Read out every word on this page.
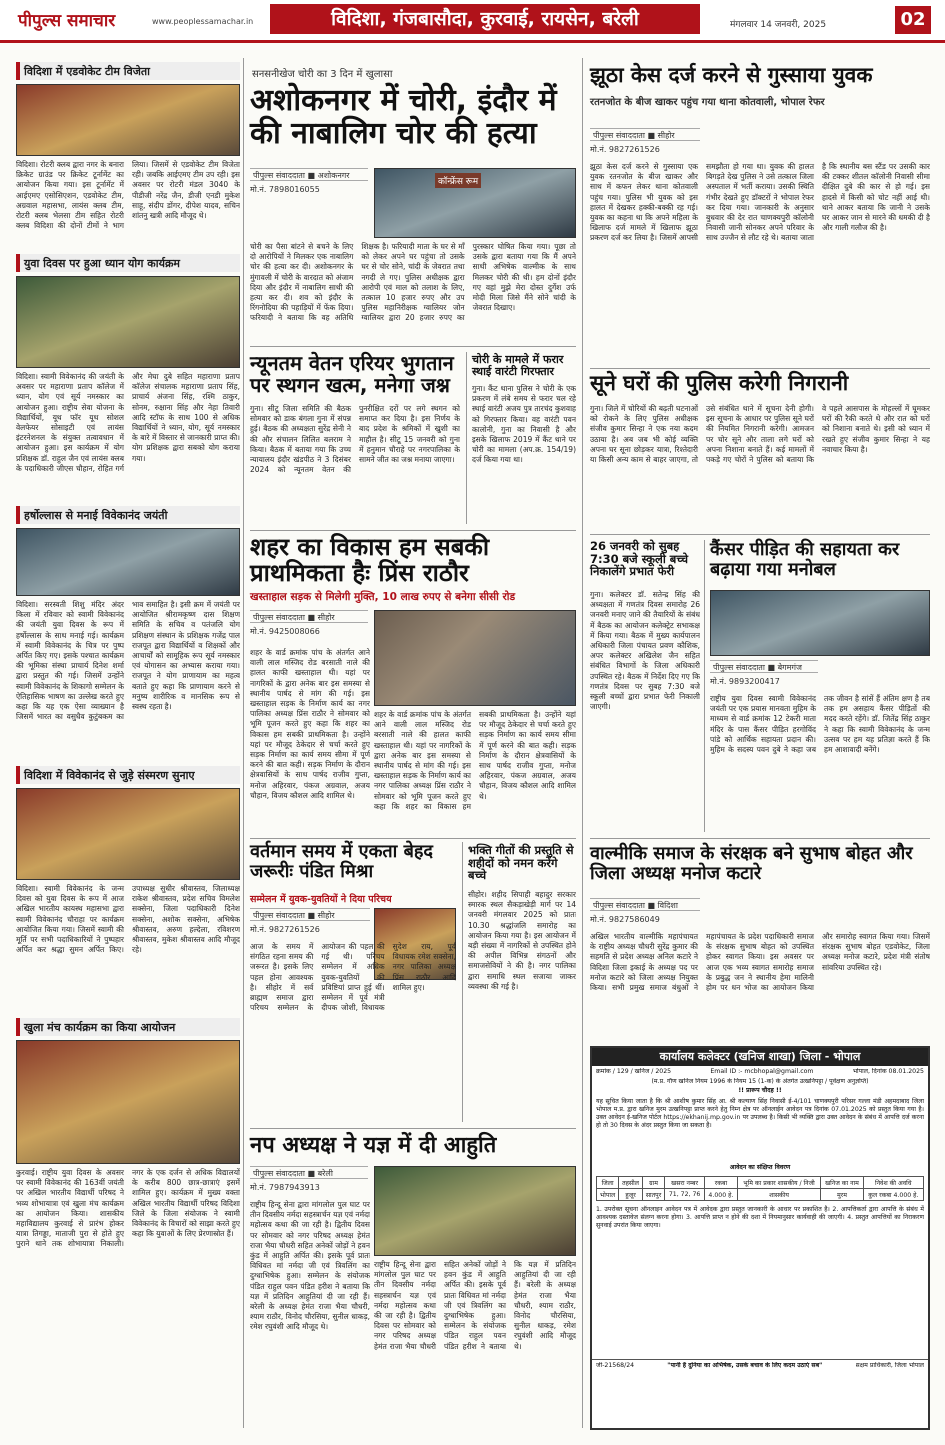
पीपुल्स समाचार	www.peoplessamachar.in	विदिशा, गंजबासौदा, कुरवाई, रायसेन, बरेली	मंगलवार 14 जनवरी, 2025	02
विदिशा में एडवोकेट टीम विजेता
विदिशा। रोटरी क्लब द्वारा नगर के बनारा क्रिकेट ग्राउंड पर क्रिकेट टूर्नामेंट का आयोजन किया गया। इस टूर्नामेंट में आईएमए एसोसिएशन, एडवोकेट टीम, अग्रवाल महासभा, लायंस क्लब टीम, रोटरी क्लब भेलसा टीम सहित रोटरी क्लब विदिशा की दोनों टीमों ने भाग लिया। जिसमें से एडवोकेट टीम विजेता रही। जबकि आईएमए टीम उप रही। इस अवसर पर रोटरी मंडल 3040 के पीडीजी नरेंद्र जैन, डीजी एनडी मुकेश साहू, संदीप डोंगर, दीपेश यादव, सचिन शांतनु खत्री आदि मौजूद थे।
युवा दिवस पर हुआ ध्यान योग कार्यक्रम
विदिशा। स्वामी विवेकानंद की जयंती के अवसर पर महाराणा प्रताप कॉलेज में ध्यान, योग एवं सूर्य नमस्कार का आयोजन हुआ। राष्ट्रीय सेवा योजना के विद्यार्थियों, यूथ फॉर यूथ सोशल वेलफेयर सोसाइटी एवं लायंस इंटरनेशनल के संयुक्त तत्वावधान में आयोजन हुआ। इस कार्यक्रम में योग प्रशिक्षक डॉ. राहुल जैन एवं लायंस क्लब के पदाधिकारी जीएस चौहान, रोहित गर्ग और मेघा दुबे सहित महाराणा प्रताप कॉलेज संचालक महाराणा प्रताप सिंह, प्राचार्य अंजना सिंह, रश्मि ठाकुर, सोनम, रुक्षाना सिंह और नेहा तिवारी आदि स्टॉफ के साथ 100 से अधिक विद्यार्थियों ने ध्यान, योग, सूर्य नमस्कार के बारे में विस्तार से जानकारी प्राप्त की। योग प्रशिक्षक द्वारा सबको योग कराया गया।
हर्षोल्लास से मनाई विवेकानंद जयंती
विदिशा। सरस्वती शिशु मंदिर अंदर किला में रविवार को स्वामी विवेकानंद की जयंती युवा दिवस के रूप में हर्षोल्लास के साथ मनाई गई। कार्यक्रम में स्वामी विवेकानंद के चित्र पर पुष्प अर्पित किए गए। इसके पश्चात कार्यक्रम की भूमिका संस्था प्राचार्य दिनेश शर्मा द्वारा प्रस्तुत की गई। जिसमें उन्होंने स्वामी विवेकानंद के शिकागो सम्मेलन के ऐतिहासिक भाषण का उल्लेख करते हुए कहा कि यह एक ऐसा व्याख्यान है जिसमें भारत का वसुधैव कुटुंबकम का भाव समाहित है। इसी क्रम में जयंती पर आयोजित श्रीरामकृष्ण दास शिक्षण समिति के सचिव व पतंजलि योग प्रशिक्षण संस्थान के प्रशिक्षक गजेंद्र पाल राजपूत द्वारा विद्यार्थियों व शिक्षकों और आचार्यों को सामूहिक रूप सूर्य नमस्कार एवं योगासन का अभ्यास कराया गया। राजपूत ने योग प्राणायाम का महत्व बताते हुए कहा कि प्राणायाम करने से मनुष्य शारीरिक व मानसिक रूप से स्वस्थ रहता है।
विदिशा में विवेकानंद से जुड़े संस्मरण सुनाए
विदिशा। स्वामी विवेकानंद के जन्म दिवस को युवा दिवस के रूप में आज अखिल भारतीय कायस्थ महासभा द्वारा स्वामी विवेकानंद चौराहा पर कार्यक्रम आयोजित किया गया। जिसमें स्वामी की मूर्ति पर सभी पदाधिकारियों ने पुष्पहार अर्पित कर श्रद्धा सुमन अर्पित किए। उपाध्यक्ष सुधीर श्रीवास्तव, जिलाध्यक्ष राकेश श्रीवास्तव, प्रदेश सचिव विमलेश सक्सेना, जिला पदाधिकारी दिनेश सक्सेना, अशोक सक्सेना, अभिषेक श्रीवास्तव, अरुण हल्देला, रविशरण श्रीवास्तव, मुकेश श्रीवास्तव आदि मौजूद रहे।
खुला मंच कार्यक्रम का किया आयोजन
कुरवाई। राष्ट्रीय युवा दिवस के अवसर पर स्वामी विवेकानंद की 163वीं जयंती पर अखिल भारतीय विद्यार्थी परिषद ने भव्य शोभायात्रा एवं खुला मंच कार्यक्रम का आयोजन किया। शासकीय महाविद्यालय कुरवाई से प्रारंभ होकर यात्रा तिगड्डा, माताजी पुरा से होते हुए पुराने थाने तक शोभायात्रा निकाली। नगर के एक दर्जन से अधिक विद्यालयों के करीब 800 छात्र-छात्राएं इसमें शामिल हुए। कार्यक्रम में मुख्य वक्ता अखिल भारतीय विद्यार्थी परिषद विदिशा जिले के जिला संयोजक ने स्वामी विवेकानंद के विचारों को साझा करते हुए कहा कि युवाओं के लिए प्रेरणास्रोत हैं।
सनसनीखेज चोरी का 3 दिन में खुलासा
अशोकनगर में चोरी, इंदौर में की नाबालिग चोर की हत्या
पीपुल्स संवाददाता ■ अशोकनगर
कॉन्फ्रेंस रूम
मो.नं. 7898016055
चोरी का पैसा बांटने से बचने के लिए दो आरोपियों ने मिलकर एक नाबालिग चोर की हत्या कर दी। अशोकनगर के मुंगावली में चोरी के वारदात को अंजाम दिया और इंदौर में नाबालिग साथी की हत्या कर दी। शव को इंदौर के रिंगनोदिया की पहाड़ियों में फेंक दिया। फरियादी ने बताया कि वह अतिथि शिक्षक है। फरियादी माता के घर से माँ को लेकर अपने घर पहुंचा तो उसके घर से चोर सोने, चांदी के जेवरात तथा नगदी ले गए। पुलिस अधीक्षक द्वारा आरोपी एवं माल को तलाश के लिए, तत्काल 10 हजार रुपए और उप पुलिस महानिरीक्षक ग्वालियर जोन ग्वालियर द्वारा 20 हजार रुपए का पुरस्कार घोषित किया गया। पूछा तो उसके द्वारा बताया गया कि मैं अपने साथी अभिषेक वाल्मीक के साथ मिलकर चोरी की थी। हम दोनों इंदौर गए वहां मुझे मेरा दोस्त दुर्गेश उर्फ मोदी मिला जिसे मैंने सोने चांदी के जेवरात दिखाए।
न्यूनतम वेतन एरियर भुगतान पर स्थगन खत्म, मनेगा जश्न
गुना। सीटू जिला समिति की बैठक सोमवार को डाक बंगला गुना में संपन्न हुई। बैठक की अध्यक्षता सुरेंद्र सेनी ने की और संचालन लिलित बलराम ने किया। बैठक में बताया गया कि उच्च न्यायालय इंदौर खंडपीठ ने 3 दिसंबर 2024 को न्यूनतम वेतन की पुनरीक्षित दरों पर लगे स्थगन को समाप्त कर दिया है। इस निर्णय के बाद प्रदेश के श्रमिकों में खुशी का माहौल है। सीटू 15 जनवरी को गुना में हनुमान चौराहे पर नगरपालिका के सामने जीत का जश्न मनाया जाएगा।
चोरी के मामले में फरार स्थाई वारंटी गिरफ्तार
गुना। कैंट थाना पुलिस ने चोरी के एक प्रकरण में लंबे समय से फरार चल रहे स्थाई वारंटी अजय पुत्र तारचंद कुशवाह को गिरफ्तार किया। वह वारंटी पवन कालोनी, गुना का निवासी है और इसके खिलाफ 2019 में कैंट थाने पर चोरी का मामला (अप.क्र. 154/19) दर्ज किया गया था।
शहर का विकास हम सबकी प्राथमिकता हैः प्रिंस राठौर
खस्ताहाल सड़क से मिलेगी मुक्ति, 10 लाख रुपए से बनेगा सीसी रोड
पीपुल्स संवाददाता ■ सीहोर
मो.नं. 9425008066
शहर के वार्ड क्रमांक पांच के अंतर्गत आने वाली लाल मस्जिद रोड बरसाती नाले की हालत काफी खस्ताहाल थी। यहां पर नागरिकों के द्वारा अनेक बार इस समस्या से स्थानीय पार्षद से मांग की गई। इस खस्ताहाल सड़क के निर्माण कार्य का नगर पालिका अध्यक्ष प्रिंस राठौर ने सोमवार को भूमि पूजन करते हुए कहा कि शहर का विकास हम सबकी प्राथमिकता है। उन्होंने यहां पर मौजूद ठेकेदार से चर्चा करते हुए सड़क निर्माण का कार्य समय सीमा में पूर्ण करने की बात कही। सड़क निर्माण के दौरान क्षेत्रवासियों के साथ पार्षद राजीव गुप्ता, मनोज अहिरवार, पंकज अग्रवाल, अजय चौहान, विजय कौशल आदि शामिल थे।
शहर के वार्ड क्रमांक पांच के अंतर्गत आने वाली लाल मस्जिद रोड बरसाती नाले की हालत काफी खस्ताहाल थी। यहां पर नागरिकों के द्वारा अनेक बार इस समस्या से स्थानीय पार्षद से मांग की गई। इस खस्ताहाल सड़क के निर्माण कार्य का नगर पालिका अध्यक्ष प्रिंस राठौर ने सोमवार को भूमि पूजन करते हुए कहा कि शहर का विकास हम सबकी प्राथमिकता है। उन्होंने यहां पर मौजूद ठेकेदार से चर्चा करते हुए सड़क निर्माण का कार्य समय सीमा में पूर्ण करने की बात कही। सड़क निर्माण के दौरान क्षेत्रवासियों के साथ पार्षद राजीव गुप्ता, मनोज अहिरवार, पंकज अग्रवाल, अजय चौहान, विजय कौशल आदि शामिल थे।
वर्तमान समय में एकता बेहद जरूरीः पंडित मिश्रा
सम्मेलन में युवक-युवतियों ने दिया परिचय
पीपुल्स संवाददाता ■ सीहोर
मो.नं. 9827261526
आज के समय में संगठित रहना समय की जरूरत है। इसके लिए पहल होना आवश्यक है। सीहोर में सर्व ब्राह्मण समाज द्वारा परिचय सम्मेलन के आयोजन की पहल की गई थी। परिचय सम्मेलन में अधिक युवक-युवतियों की प्रविष्टियां प्राप्त हुई थीं। सम्मेलन में पूर्व मंत्री दीपक जोशी, विधायक सुदेश राय, पूर्व विधायक रमेश सक्सेना, नगर पालिका अध्यक्ष प्रिंस राठौर आदि शामिल हुए।
भक्ति गीतों की प्रस्तुति से शहीदों को नमन करेंगे बच्चे
सीहोर। शहीद सिपाही बहादुर सरकार स्मारक स्थल सैकड़ाखेड़ी मार्ग पर 14 जनवरी मंगलवार 2025 को प्रातः 10.30 श्रद्धांजलि समारोह का आयोजन किया गया है। इस आयोजन में बड़ी संख्या में नागरिकों से उपस्थित होने की अपील विभिन्न संगठनों और समाजसेवियों ने की है। नगर पालिका द्वारा समाधि स्थल सजाया जाकर व्यवस्था की गई है।
नप अध्यक्ष ने यज्ञ में दी आहुति
पीपुल्स संवाददाता ■ बरेली
मो.नं. 7987943913
राष्ट्रीय हिन्दू सेना द्वारा मांगलोल पुल घाट पर तीन दिवसीय नर्मदा सहस्त्रार्चन यज्ञ एवं नर्मदा महोत्सव कथा की जा रही है। द्वितीय दिवस पर सोमवार को नगर परिषद अध्यक्ष हेमंत राजा भैया चौधरी सहित अनेकों जोड़ों ने हवन कुंड में आहुति अर्पित की। इसके पूर्व प्रातः विधिवत मां नर्मदा जी एवं त्रिवलिंग का दुग्धाभिषेक हुआ। सम्मेलन के संयोजक पंडित राहुल पवन पंडित हरीश ने बताया कि यज्ञ में प्रतिदिन आहुतियां दी जा रही हैं। बरेली के अध्यक्ष हेमंत राजा भैया चौधरी, श्याम राठौर, विनोद चौरसिया, सुनील धाकड़, रमेश रघुवंशी आदि मौजूद थे।
राष्ट्रीय हिन्दू सेना द्वारा मांगलोल पुल घाट पर तीन दिवसीय नर्मदा सहस्त्रार्चन यज्ञ एवं नर्मदा महोत्सव कथा की जा रही है। द्वितीय दिवस पर सोमवार को नगर परिषद अध्यक्ष हेमंत राजा भैया चौधरी सहित अनेकों जोड़ों ने हवन कुंड में आहुति अर्पित की। इसके पूर्व प्रातः विधिवत मां नर्मदा जी एवं त्रिवलिंग का दुग्धाभिषेक हुआ। सम्मेलन के संयोजक पंडित राहुल पवन पंडित हरीश ने बताया कि यज्ञ में प्रतिदिन आहुतियां दी जा रही हैं। बरेली के अध्यक्ष हेमंत राजा भैया चौधरी, श्याम राठौर, विनोद चौरसिया, सुनील धाकड़, रमेश रघुवंशी आदि मौजूद थे।
झूठा केस दर्ज करने से गुस्साया युवक
रतनजोत के बीज खाकर पहुंच गया थाना कोतवाली, भोपाल रेफर
पीपुल्स संवाददाता ■ सीहोर
मो.नं. 9827261526
झूठा केस दर्ज करने से गुस्साया एक युवक रतनजोत के बीज खाकर और साथ में कफन लेकर थाना कोतवाली पहुंच गया। पुलिस भी युवक को इस हालत में देखकर हक्की-बक्की रह गई। युवक का कहना था कि अपने महिला के खिलाफ दर्ज मामले में खिलाफ झूठा प्रकरण दर्ज कर लिया है। जिसमें आपसी समझौता हो गया था। युवक की हालत बिगड़ते देख पुलिस ने उसे तत्काल जिला अस्पताल में भर्ती कराया। उसकी स्थिति गंभीर देखते हुए डॉक्टरों ने भोपाल रेफर कर दिया गया। जानकारी के अनुसार बुधवार की देर रात चाणक्यपुरी कॉलोनी निवासी जानी सोनकर अपने परिवार के साथ उज्जैन से लौट रहे थे। बताया जाता है कि स्थानीय बस स्टैंड पर उसकी कार की टक्कर शीतल कॉलोनी निवासी सीमा दीक्षित दुबे की कार से हो गई। इस हादसे में किसी को चोट नहीं आई थी। थाने आकर बताया कि जानी ने उसके घर आकर जान से मारने की धमकी दी है और गाली गलौज की है।
सूने घरों की पुलिस करेगी निगरानी
गुना। जिले में चोरियों की बढ़ती घटनाओं को रोकने के लिए पुलिस अधीक्षक संजीव कुमार सिन्हा ने एक नया कदम उठाया है। अब जब भी कोई व्यक्ति अपना घर सूना छोड़कर यात्रा, रिश्तेदारी या किसी अन्य काम से बाहर जाएगा, तो उसे संबंधित थाने में सूचना देनी होगी। इस सूचना के आधार पर पुलिस सूने घरों की नियमित निगरानी करेगी। आमजन पर चोर सूने और ताला लगे घरों को अपना निशाना बनाते हैं। कई मामलों में पकड़े गए चोरों ने पुलिस को बताया कि वे पहले आसपास के मोहल्लों में घूमकर घरों की रैकी करते थे और रात को घरों को निशाना बनाते थे। इसी को ध्यान में रखते हुए संजीव कुमार सिन्हा ने यह नवाचार किया है।
26 जनवरी को सुबह 7:30 बजे स्कूली बच्चे निकालेंगे प्रभात फेरी
गुना। कलेक्टर डॉ. सतेन्द्र सिंह की अध्यक्षता में गणतंत्र दिवस समारोह 26 जनवरी मनाए जाने की तैयारियों के संबंध में बैठक का आयोजन कलेक्ट्रेट सभाकक्ष में किया गया। बैठक में मुख्य कार्यपालन अधिकारी जिला पंचायत प्रवण कौशिक, अपर कलेक्टर अखिलेश जैन सहित संबंधित विभागों के जिला अधिकारी उपस्थित रहे। बैठक में निर्देश दिए गए कि गणतंत्र दिवस पर सुबह 7:30 बजे स्कूली बच्चों द्वारा प्रभात फेरी निकाली जाएगी।
कैंसर पीड़ित की सहायता कर बढ़ाया गया मनोबल
पीपुल्स संवाददाता ■ बेगमगंज
मो.नं. 9893200417
राष्ट्रीय युवा दिवस स्वामी विवेकानंद जयंती पर एक प्रयास मानवता मुहिम के माध्यम से वार्ड क्रमांक 12 टेकरी माता मंदिर के पास कैंसर पीड़ित हरगोविंद पांडे को आर्थिक सहायता प्रदान की। मुहिम के सदस्य पवन दुबे ने कहा जब तक जीवन है सांसें हैं अंतिम क्षण है तब तक हम असहाय कैंसर पीड़ितों की मदद करते रहेंगे। डॉ. जितेंद्र सिंह ठाकुर ने कहा कि स्वामी विवेकानंद के जन्म उत्सव पर हम यह प्रतिज्ञा करते हैं कि हम आशावादी बनेंगे।
वाल्मीकि समाज के संरक्षक बने सुभाष बोहत और जिला अध्यक्ष मनोज कटारे
पीपुल्स संवाददाता ■ विदिशा
मो.नं. 9827586049
अखिल भारतीय वाल्मीकि महापंचायत के राष्ट्रीय अध्यक्ष चौधरी सुरेंद्र कुमार की सहमति से प्रदेश अध्यक्ष अनिल कटारे ने विदिशा जिला इकाई के अध्यक्ष पद पर मनोज कटारे को जिला अध्यक्ष नियुक्त किया। सभी प्रमुख समाज बंधुओं ने महापंचायत के प्रदेश पदाधिकारी समाज के संरक्षक सुभाष बोहत को उपस्थित होकर स्वागत किया। इस अवसर पर आज एक भव्य स्वागत समारोह समाज के प्रबुद्ध जन ने स्थानीय हेमा मालिनी होम पर धन भोज का आयोजन किया और समारोह स्वागत किया गया। जिसमें संरक्षक सुभाष बोहत एडवोकेट, जिला अध्यक्ष मनोज कटारे, प्रदेश मंत्री संतोष सांवरिया उपस्थित रहे।
कार्यालय कलेक्टर (खनिज शाखा) जिला - भोपाल
क्रमांक / 129 / खनिज / 2025	Email ID :- mcbhopal@gmail.com	भोपाल, दिनांक 08.01.2025
(म.प्र. गौण खनिज नियम 1996 के नियम 15 (1-क) के अंतर्गत उत्खनिपट्टा / पूर्वेक्षण अनुज्ञप्ति)
!! प्रारूप चौदह !!
यह सूचित किया जाता है कि श्री आशीष कुमार सिंह आ. श्री कल्याण सिंह निवासी ई-4/101 चाणक्यपुरी परिसर गल्ला मंडी अहमदाबाद जिला भोपाल म.प्र. द्वारा खनिज मुरम उत्खनिपट्टा प्राप्त करने हेतु निम्न क्षेत्र पर ऑनलाईन आवेदन पत्र दिनांक 07.01.2025 को प्रस्तुत किया गया है। उक्त आवेदन ई-खनिज पोर्टल https://ekhanij.mp.gov.in पर उपलब्ध है। किसी भी व्यक्ति द्वारा उक्त आवेदन के संबंध में आपत्ति दर्ज करना हो तो 30 दिवस के अंदर प्रस्तुत किया जा सकता है।
आवेदन का संक्षिप्त विवरण
जिला	तहसील	ग्राम	खसरा नम्बर	रकबा	भूमि का प्रकार शासकीय / निजी	खनिज का नाम	निवेश की अवधि
भोपाल	हुजूर	सातपुर	71, 72, 76	4.000 हे.	शासकीय	मुरम	कुल रकबा 4.000 हे.
1. उपरोक्त सूचना ऑनलाइन आवेदन पत्र में आवेदक द्वारा प्रस्तुत जानकारी के आधार पर प्रकाशित है। 2. आपत्तिकर्ता द्वारा आपत्ति के संबंध में आवश्यक दस्तावेज संलग्न करना होगा। 3. आपत्ति प्राप्त न होने की दशा में नियमानुसार कार्यवाही की जाएगी। 4. प्रस्तुत आपत्तियों का निराकरण सुनवाई उपरांत किया जाएगा।
जी-21568/24	"पानी है दुनिया का अभिषेक, उसके बचाव के लिए कदम उठाएं सब"	सक्षम प्राधिकारी, जिला भोपाल
